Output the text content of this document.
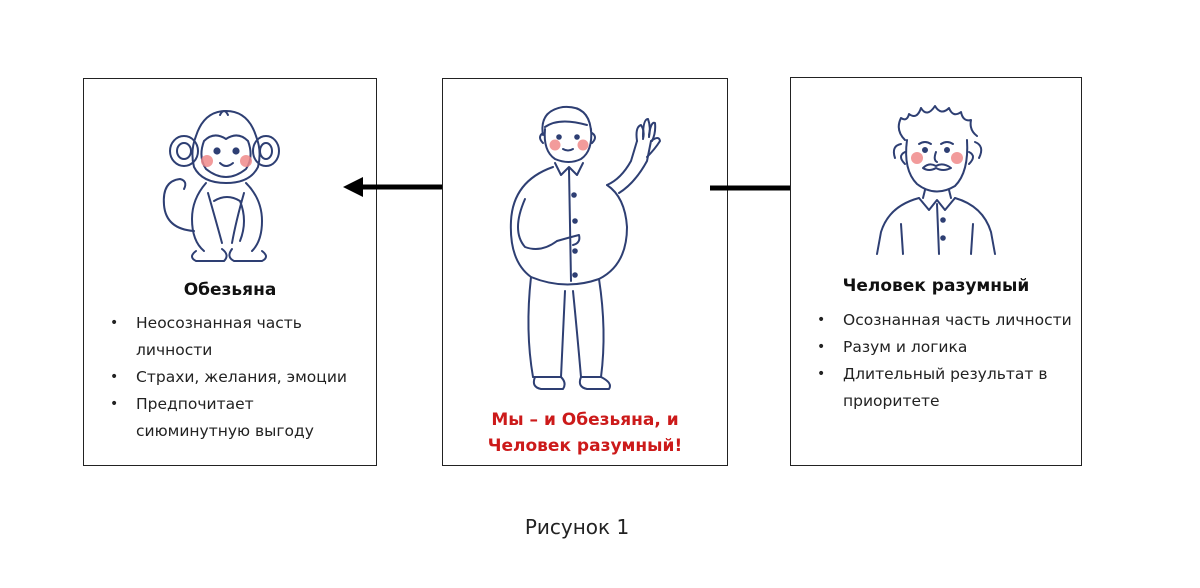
Обезьяна
• Неосознанная часть личности
• Страхи, желания, эмоции
• Предпочитает сиюминутную выгоду
Мы – и Обезьяна, и
Человек разумный!
Человек разумный
• Осознанная часть личности
• Разум и логика
• Длительный результат в приоритете
Рисунок 1
